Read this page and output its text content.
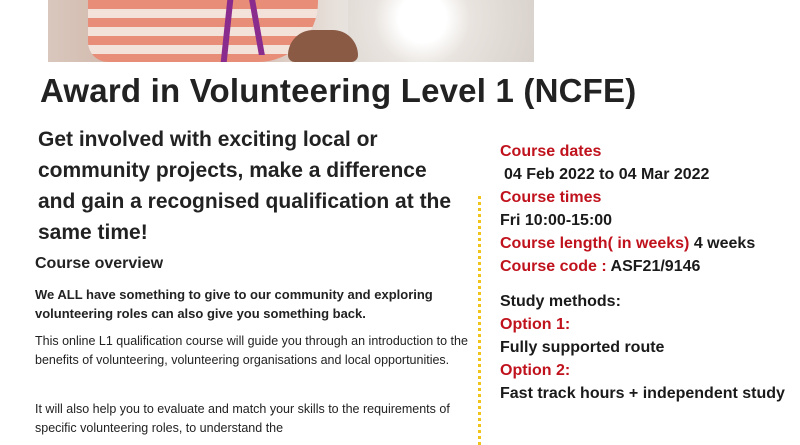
Award in Volunteering Level 1 (NCFE)

Get involved with exciting local or community projects, make a difference and gain a recognised qualification at the same time!

Course overview

We ALL have something to give to our community and exploring volunteering roles can also give you something back.

This online L1 qualification course will guide you through an introduction to the benefits of volunteering, volunteering organisations and local opportunities.

It will also help you to evaluate and match your skills to the requirements of specific volunteering roles, to understand the

Course dates
04 Feb 2022 to 04 Mar 2022
Course times
Fri 10:00-15:00
Course length( in weeks) 4 weeks
Course code : ASF21/9146
Study methods:
Option 1:
Fully supported route
Option 2:
Fast track hours + independent study
